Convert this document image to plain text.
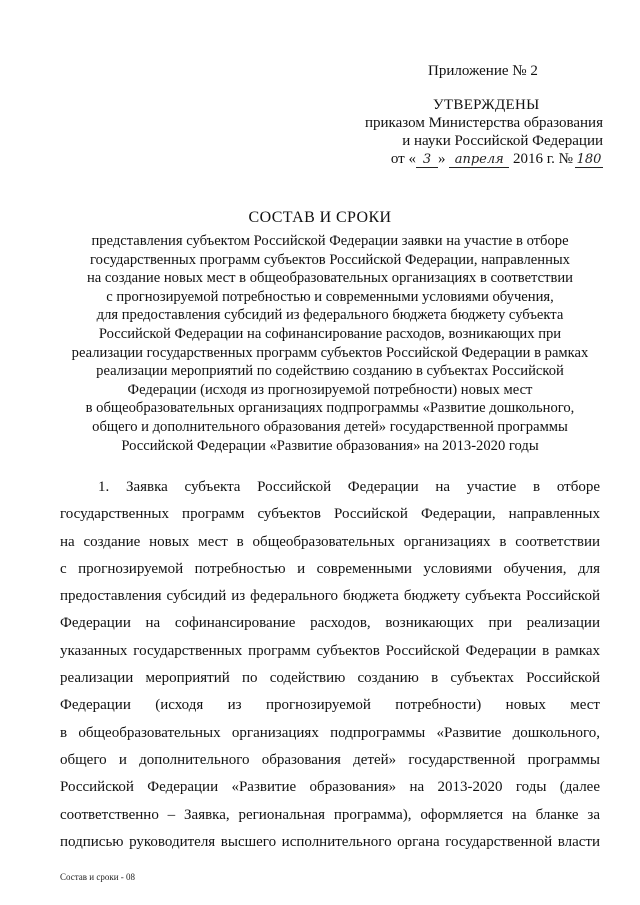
Приложение № 2
УТВЕРЖДЕНЫ
приказом Министерства образования
и науки Российской Федерации
от « 3 » апреля 2016 г. № 180
СОСТАВ И СРОКИ
представления субъектом Российской Федерации заявки на участие в отборе
государственных программ субъектов Российской Федерации, направленных
на создание новых мест в общеобразовательных организациях в соответствии
с прогнозируемой потребностью и современными условиями обучения,
для предоставления субсидий из федерального бюджета бюджету субъекта
Российской Федерации на софинансирование расходов, возникающих при
реализации государственных программ субъектов Российской Федерации в рамках
реализации мероприятий по содействию созданию в субъектах Российской
Федерации (исходя из прогнозируемой потребности) новых мест
в общеобразовательных организациях подпрограммы «Развитие дошкольного,
общего и дополнительного образования детей» государственной программы
Российской Федерации «Развитие образования» на 2013-2020 годы
1. Заявка субъекта Российской Федерации на участие в отборе
государственных программ субъектов Российской Федерации, направленных
на создание новых мест в общеобразовательных организациях в соответствии
с прогнозируемой потребностью и современными условиями обучения, для
предоставления субсидий из федерального бюджета бюджету субъекта Российской
Федерации на софинансирование расходов, возникающих при реализации
указанных государственных программ субъектов Российской Федерации в рамках
реализации мероприятий по содействию созданию в субъектах Российской
Федерации (исходя из прогнозируемой потребности) новых мест
в общеобразовательных организациях подпрограммы «Развитие дошкольного,
общего и дополнительного образования детей» государственной программы
Российской Федерации «Развитие образования» на 2013-2020 годы (далее
соответственно – Заявка, региональная программа), оформляется на бланке за
подписью руководителя высшего исполнительного органа государственной власти
Состав и сроки - 08
